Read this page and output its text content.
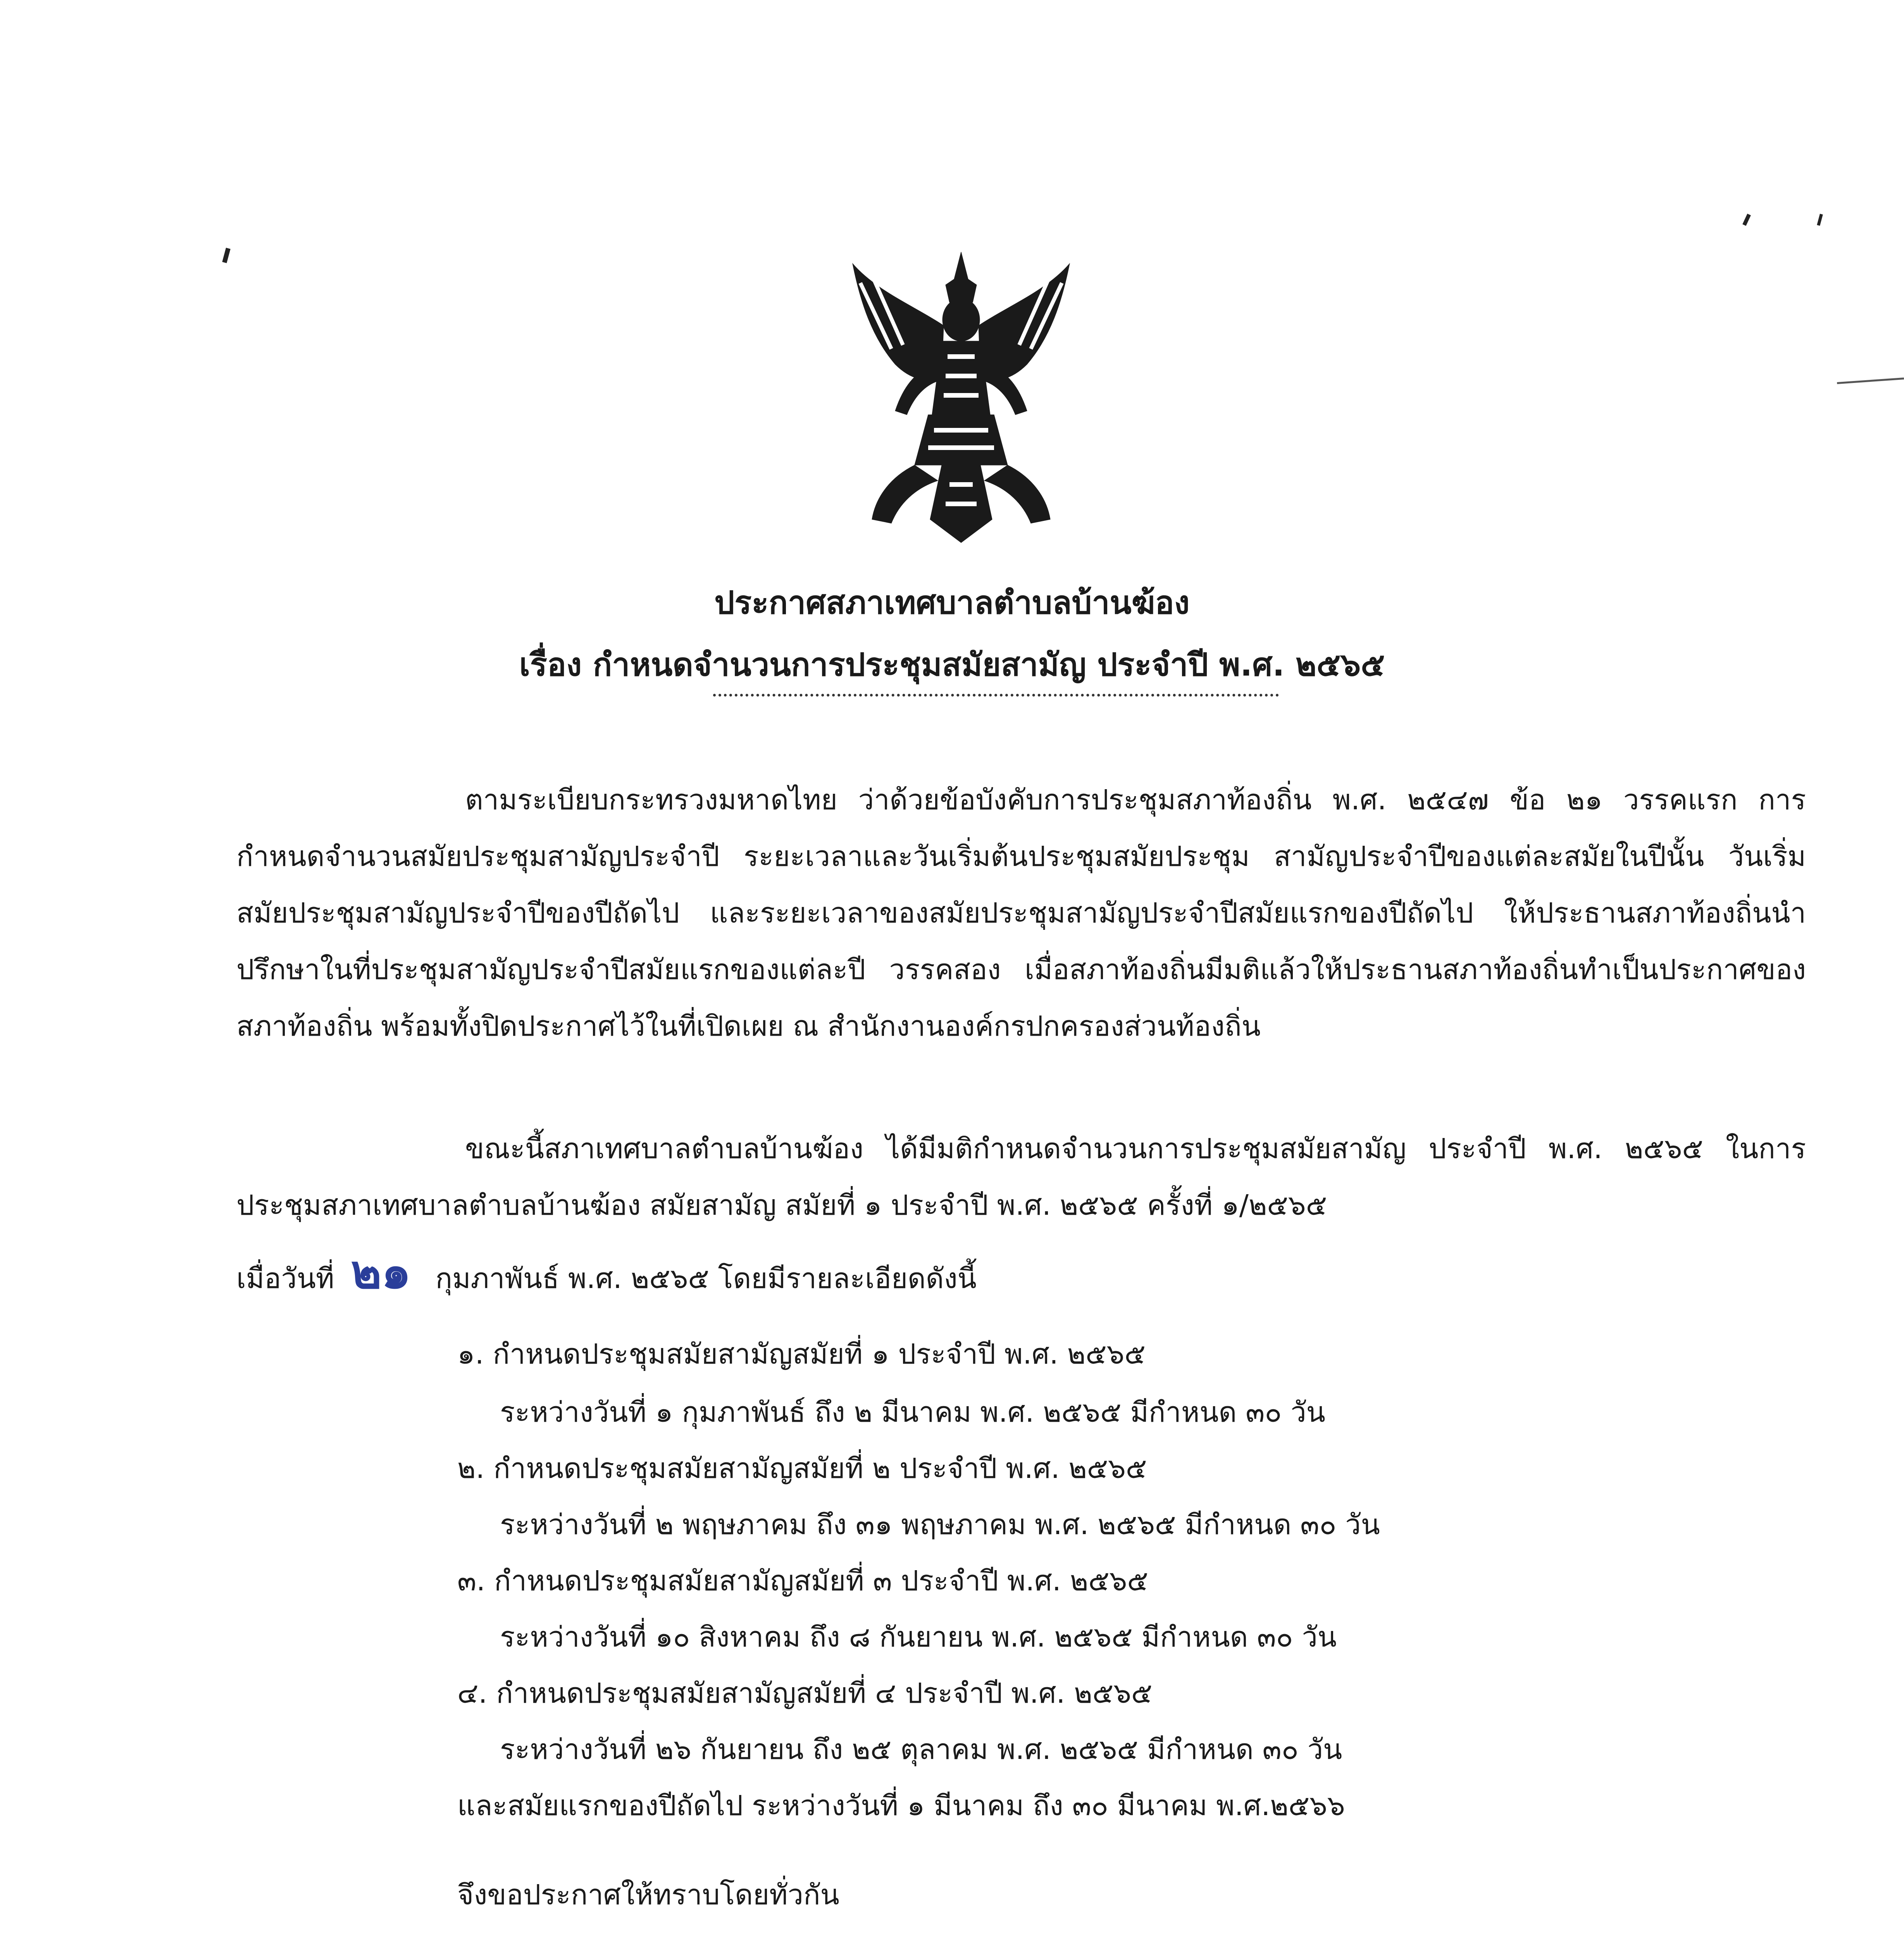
ประกาศสภาเทศบาลตำบลบ้านฆ้อง
เรื่อง กำหนดจำนวนการประชุมสมัยสามัญ ประจำปี พ.ศ. ๒๕๖๕
ตามระเบียบกระทรวงมหาดไทย ว่าด้วยข้อบังคับการประชุมสภาท้องถิ่น พ.ศ. ๒๕๔๗ ข้อ ๒๑ วรรคแรก การกำหนดจำนวนสมัยประชุมสามัญประจำปี ระยะเวลาและวันเริ่มต้นประชุมสมัยประชุม สามัญประจำปีของแต่ละสมัยในปีนั้น วันเริ่มสมัยประชุมสามัญประจำปีของปีถัดไป และระยะเวลาของสมัยประชุมสามัญประจำปีสมัยแรกของปีถัดไป ให้ประธานสภาท้องถิ่นนำปรึกษาในที่ประชุมสามัญประจำปีสมัยแรกของแต่ละปี วรรคสอง เมื่อสภาท้องถิ่นมีมติแล้วให้ประธานสภาท้องถิ่นทำเป็นประกาศของสภาท้องถิ่น พร้อมทั้งปิดประกาศไว้ในที่เปิดเผย ณ สำนักงานองค์กรปกครองส่วนท้องถิ่น
ขณะนี้สภาเทศบาลตำบลบ้านฆ้อง ได้มีมติกำหนดจำนวนการประชุมสมัยสามัญ ประจำปี พ.ศ. ๒๕๖๕ ในการประชุมสภาเทศบาลตำบลบ้านฆ้อง สมัยสามัญ สมัยที่ ๑ ประจำปี พ.ศ. ๒๕๖๕ ครั้งที่ ๑/๒๕๖๕
เมื่อวันที่ ๒๑ กุมภาพันธ์ พ.ศ. ๒๕๖๕ โดยมีรายละเอียดดังนี้
๑. กำหนดประชุมสมัยสามัญสมัยที่ ๑ ประจำปี พ.ศ. ๒๕๖๕
ระหว่างวันที่ ๑ กุมภาพันธ์ ถึง ๒ มีนาคม พ.ศ. ๒๕๖๕ มีกำหนด ๓๐ วัน
๒. กำหนดประชุมสมัยสามัญสมัยที่ ๒ ประจำปี พ.ศ. ๒๕๖๕
ระหว่างวันที่ ๒ พฤษภาคม ถึง ๓๑ พฤษภาคม พ.ศ. ๒๕๖๕ มีกำหนด ๓๐ วัน
๓. กำหนดประชุมสมัยสามัญสมัยที่ ๓ ประจำปี พ.ศ. ๒๕๖๕
ระหว่างวันที่ ๑๐ สิงหาคม ถึง ๘ กันยายน พ.ศ. ๒๕๖๕ มีกำหนด ๓๐ วัน
๔. กำหนดประชุมสมัยสามัญสมัยที่ ๔ ประจำปี พ.ศ. ๒๕๖๕
ระหว่างวันที่ ๒๖ กันยายน ถึง ๒๕ ตุลาคม พ.ศ. ๒๕๖๕ มีกำหนด ๓๐ วัน
และสมัยแรกของปีถัดไป ระหว่างวันที่ ๑ มีนาคม ถึง ๓๐ มีนาคม พ.ศ.๒๕๖๖
จึงขอประกาศให้ทราบโดยทั่วกัน
